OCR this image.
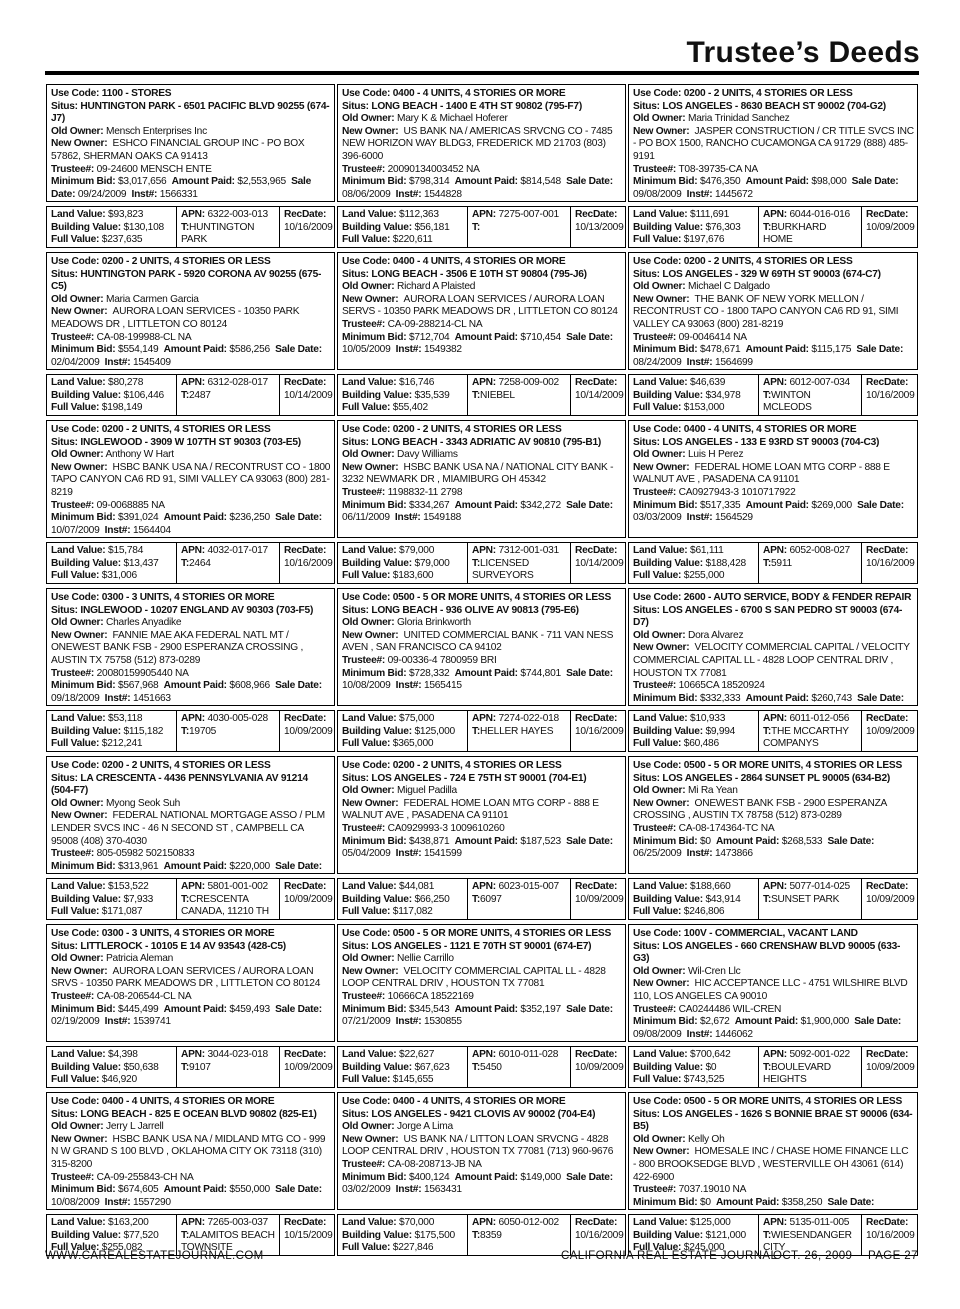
Trustee’s Deeds
Use Code: 1100 - STORES
Situs: HUNTINGTON PARK - 6501 PACIFIC BLVD 90255 (674-J7)
Old Owner: Mensch Enterprises Inc
New Owner: ESHCO FINANCIAL GROUP INC - PO BOX 57862, SHERMAN OAKS CA 91413
Trustee#: 09-24600 MENSCH ENTE
Minimum Bid: $3,017,656 Amount Paid: $2,553,965 Sale Date: 09/24/2009 Inst#: 1566331
Use Code: 0400 - 4 UNITS, 4 STORIES OR MORE
Situs: LONG BEACH - 1400 E 4TH ST 90802 (795-F7)
Old Owner: Mary K & Michael Hoferer
New Owner: US BANK NA / AMERICAS SRVCNG CO - 7485 NEW HORIZON WAY BLDG3, FREDERICK MD 21703 (803) 396-6000
Trustee#: 20090134003452 NA
Minimum Bid: $798,314 Amount Paid: $814,548 Sale Date: 08/06/2009 Inst#: 1544828
Use Code: 0200 - 2 UNITS, 4 STORIES OR LESS
Situs: LOS ANGELES - 8630 BEACH ST 90002 (704-G2)
Old Owner: Maria Trinidad Sanchez
New Owner: JASPER CONSTRUCTION / CR TITLE SVCS INC - PO BOX 1500, RANCHO CUCAMONGA CA 91729 (888) 485-9191
Trustee#: T08-39735-CA NA
Minimum Bid: $476,350 Amount Paid: $98,000 Sale Date: 09/08/2009 Inst#: 1445672
Land Value: $93,823
Building Value: $130,108
Full Value: $237,635
APN: 6322-003-013
T:HUNTINGTON PARK
RecDate:
10/16/2009
Land Value: $112,363
Building Value: $56,181
Full Value: $220,611
APN: 7275-007-001
T:
RecDate:
10/13/2009
Land Value: $111,691
Building Value: $76,303
Full Value: $197,676
APN: 6044-016-016
T:BURKHARD HOME
RecDate:
10/09/2009
Use Code: 0200 - 2 UNITS, 4 STORIES OR LESS
Situs: HUNTINGTON PARK - 5920 CORONA AV 90255 (675-C5)
Old Owner: Maria Carmen Garcia
New Owner: AURORA LOAN SERVICES - 10350 PARK MEADOWS DR , LITTLETON CO 80124
Trustee#: CA-08-199988-CL NA
Minimum Bid: $554,149 Amount Paid: $586,256 Sale Date: 02/04/2009 Inst#: 1545409
Use Code: 0400 - 4 UNITS, 4 STORIES OR MORE
Situs: LONG BEACH - 3506 E 10TH ST 90804 (795-J6)
Old Owner: Richard A Plaisted
New Owner: AURORA LOAN SERVICES / AURORA LOAN SERVS - 10350 PARK MEADOWS DR , LITTLETON CO 80124
Trustee#: CA-09-288214-CL NA
Minimum Bid: $712,704 Amount Paid: $710,454 Sale Date: 10/05/2009 Inst#: 1549382
Use Code: 0200 - 2 UNITS, 4 STORIES OR LESS
Situs: LOS ANGELES - 329 W 69TH ST 90003 (674-C7)
Old Owner: Michael C Dalgado
New Owner: THE BANK OF NEW YORK MELLON / RECONTRUST CO - 1800 TAPO CANYON CA6 RD 91, SIMI VALLEY CA 93063 (800) 281-8219
Trustee#: 09-0046414 NA
Minimum Bid: $478,671 Amount Paid: $115,175 Sale Date: 08/24/2009 Inst#: 1564699
Land Value: $80,278
Building Value: $106,446
Full Value: $198,149
APN: 6312-028-017
T:2487
RecDate:
10/14/2009
Land Value: $16,746
Building Value: $35,539
Full Value: $55,402
APN: 7258-009-002
T:NIEBEL
RecDate:
10/14/2009
Land Value: $46,639
Building Value: $34,978
Full Value: $153,000
APN: 6012-007-034
T:WINTON MCLEODS
RecDate:
10/16/2009
Use Code: 0200 - 2 UNITS, 4 STORIES OR LESS
Situs: INGLEWOOD - 3909 W 107TH ST 90303 (703-E5)
Old Owner: Anthony W Hart
New Owner: HSBC BANK USA NA / RECONTRUST CO - 1800 TAPO CANYON CA6 RD 91, SIMI VALLEY CA 93063 (800) 281-8219
Trustee#: 09-0068885 NA
Minimum Bid: $391,024 Amount Paid: $236,250 Sale Date: 10/07/2009 Inst#: 1564404
Use Code: 0200 - 2 UNITS, 4 STORIES OR LESS
Situs: LONG BEACH - 3343 ADRIATIC AV 90810 (795-B1)
Old Owner: Davy Williams
New Owner: HSBC BANK USA NA / NATIONAL CITY BANK - 3232 NEWMARK DR , MIAMIBURG OH 45342
Trustee#: 1198832-11 2798
Minimum Bid: $334,267 Amount Paid: $342,272 Sale Date: 06/11/2009 Inst#: 1549188
Use Code: 0400 - 4 UNITS, 4 STORIES OR MORE
Situs: LOS ANGELES - 133 E 93RD ST 90003 (704-C3)
Old Owner: Luis H Perez
New Owner: FEDERAL HOME LOAN MTG CORP - 888 E WALNUT AVE , PASADENA CA 91101
Trustee#: CA0927943-3 1010717922
Minimum Bid: $517,335 Amount Paid: $269,000 Sale Date: 03/03/2009 Inst#: 1564529
Land Value: $15,784
Building Value: $13,437
Full Value: $31,006
APN: 4032-017-017
T:2464
RecDate:
10/16/2009
Land Value: $79,000
Building Value: $79,000
Full Value: $183,600
APN: 7312-001-031
T:LICENSED SURVEYORS
RecDate:
10/14/2009
Land Value: $61,111
Building Value: $188,428
Full Value: $255,000
APN: 6052-008-027
T:5911
RecDate:
10/16/2009
Use Code: 0300 - 3 UNITS, 4 STORIES OR MORE
Situs: INGLEWOOD - 10207 ENGLAND AV 90303 (703-F5)
Old Owner: Charles Anyadike
New Owner: FANNIE MAE AKA FEDERAL NATL MT / ONEWEST BANK FSB - 2900 ESPERANZA CROSSING , AUSTIN TX 75758 (512) 873-0289
Trustee#: 20080159905440 NA
Minimum Bid: $567,968 Amount Paid: $608,966 Sale Date: 09/18/2009 Inst#: 1451663
Use Code: 0500 - 5 OR MORE UNITS, 4 STORIES OR LESS
Situs: LONG BEACH - 936 OLIVE AV 90813 (795-E6)
Old Owner: Gloria Brinkworth
New Owner: UNITED COMMERCIAL BANK - 711 VAN NESS AVEN , SAN FRANCISCO CA 94102
Trustee#: 09-00336-4 7800959 BRI
Minimum Bid: $728,332 Amount Paid: $744,801 Sale Date: 10/08/2009 Inst#: 1565415
Use Code: 2600 - AUTO SERVICE, BODY & FENDER REPAIR
Situs: LOS ANGELES - 6700 S SAN PEDRO ST 90003 (674-D7)
Old Owner: Dora Alvarez
New Owner: VELOCITY COMMERCIAL CAPITAL / VELOCITY COMMERCIAL CAPITAL LL - 4828 LOOP CENTRAL DRIV , HOUSTON TX 77081
Trustee#: 10665CA 18520924
Minimum Bid: $332,333 Amount Paid: $260,743 Sale Date:
Land Value: $53,118
Building Value: $115,182
Full Value: $212,241
APN: 4030-005-028
T:19705
RecDate:
10/09/2009
Land Value: $75,000
Building Value: $125,000
Full Value: $365,000
APN: 7274-022-018
T:HELLER HAYES
RecDate:
10/16/2009
Land Value: $10,933
Building Value: $9,994
Full Value: $60,486
APN: 6011-012-056
T:THE MCCARTHY COMPANYS
RecDate:
10/09/2009
Use Code: 0200 - 2 UNITS, 4 STORIES OR LESS
Situs: LA CRESCENTA - 4436 PENNSYLVANIA AV 91214 (504-F7)
Old Owner: Myong Seok Suh
New Owner: FEDERAL NATIONAL MORTGAGE ASSO / PLM LENDER SVCS INC - 46 N SECOND ST , CAMPBELL CA 95008 (408) 370-4030
Trustee#: 805-05982 502150833
Minimum Bid: $313,961 Amount Paid: $220,000 Sale Date:
Use Code: 0200 - 2 UNITS, 4 STORIES OR LESS
Situs: LOS ANGELES - 724 E 75TH ST 90001 (704-E1)
Old Owner: Miguel Padilla
New Owner: FEDERAL HOME LOAN MTG CORP - 888 E WALNUT AVE , PASADENA CA 91101
Trustee#: CA0929993-3 1009610260
Minimum Bid: $438,871 Amount Paid: $187,523 Sale Date: 05/04/2009 Inst#: 1541599
Use Code: 0500 - 5 OR MORE UNITS, 4 STORIES OR LESS
Situs: LOS ANGELES - 2864 SUNSET PL 90005 (634-B2)
Old Owner: Mi Ra Yean
New Owner: ONEWEST BANK FSB - 2900 ESPERANZA CROSSING , AUSTIN TX 78758 (512) 873-0289
Trustee#: CA-08-174364-TC NA
Minimum Bid: $0 Amount Paid: $268,533 Sale Date: 06/25/2009 Inst#: 1473866
Land Value: $153,522
Building Value: $7,933
Full Value: $171,087
APN: 5801-001-002
T:CRESCENTA CANADA, 11210 TH
RecDate:
10/09/2009
Land Value: $44,081
Building Value: $66,250
Full Value: $117,082
APN: 6023-015-007
T:6097
RecDate:
10/09/2009
Land Value: $188,660
Building Value: $43,914
Full Value: $246,806
APN: 5077-014-025
T:SUNSET PARK
RecDate:
10/09/2009
Use Code: 0300 - 3 UNITS, 4 STORIES OR MORE
Situs: LITTLEROCK - 10105 E 14 AV 93543 (428-C5)
Old Owner: Patricia Aleman
New Owner: AURORA LOAN SERVICES / AURORA LOAN SRVS - 10350 PARK MEADOWS DR , LITTLETON CO 80124
Trustee#: CA-08-206544-CL NA
Minimum Bid: $445,499 Amount Paid: $459,493 Sale Date: 02/19/2009 Inst#: 1539741
Use Code: 0500 - 5 OR MORE UNITS, 4 STORIES OR LESS
Situs: LOS ANGELES - 1121 E 70TH ST 90001 (674-E7)
Old Owner: Nellie Carrillo
New Owner: VELOCITY COMMERCIAL CAPITAL LL - 4828 LOOP CENTRAL DRIV , HOUSTON TX 77081
Trustee#: 10666CA 18522169
Minimum Bid: $345,543 Amount Paid: $352,197 Sale Date: 07/21/2009 Inst#: 1530855
Use Code: 100V - COMMERCIAL, VACANT LAND
Situs: LOS ANGELES - 660 CRENSHAW BLVD 90005 (633-G3)
Old Owner: Wil-Cren Llc
New Owner: HIC ACCEPTANCE LLC - 4751 WILSHIRE BLVD 110, LOS ANGELES CA 90010
Trustee#: CA0244486 WIL-CREN
Minimum Bid: $2,672 Amount Paid: $1,900,000 Sale Date: 09/08/2009 Inst#: 1446062
Land Value: $4,398
Building Value: $50,638
Full Value: $46,920
APN: 3044-023-018
T:9107
RecDate:
10/09/2009
Land Value: $22,627
Building Value: $67,623
Full Value: $145,655
APN: 6010-011-028
T:5450
RecDate:
10/09/2009
Land Value: $700,642
Building Value: $0
Full Value: $743,525
APN: 5092-001-022
T:BOULEVARD HEIGHTS
RecDate:
10/09/2009
Use Code: 0400 - 4 UNITS, 4 STORIES OR MORE
Situs: LONG BEACH - 825 E OCEAN BLVD 90802 (825-E1)
Old Owner: Jerry L Jarrell
New Owner: HSBC BANK USA NA / MIDLAND MTG CO - 999 N W GRAND S 100 BLVD , OKLAHOMA CITY OK 73118 (310) 315-8200
Trustee#: CA-09-255843-CH NA
Minimum Bid: $674,605 Amount Paid: $550,000 Sale Date: 10/08/2009 Inst#: 1557290
Use Code: 0400 - 4 UNITS, 4 STORIES OR MORE
Situs: LOS ANGELES - 9421 CLOVIS AV 90002 (704-E4)
Old Owner: Jorge A Lima
New Owner: US BANK NA / LITTON LOAN SRVCNG - 4828 LOOP CENTRAL DRIV , HOUSTON TX 77081 (713) 960-9676
Trustee#: CA-08-208713-JB NA
Minimum Bid: $400,124 Amount Paid: $149,000 Sale Date: 03/02/2009 Inst#: 1563431
Use Code: 0500 - 5 OR MORE UNITS, 4 STORIES OR LESS
Situs: LOS ANGELES - 1626 S BONNIE BRAE ST 90006 (634-B5)
Old Owner: Kelly Oh
New Owner: HOMESALE INC / CHASE HOME FINANCE LLC - 800 BROOKSEDGE BLVD , WESTERVILLE OH 43061 (614) 422-6900
Trustee#: 7037.19010 NA
Minimum Bid: $0 Amount Paid: $358,250 Sale Date:
Land Value: $163,200
Building Value: $77,520
Full Value: $255,082
APN: 7265-003-037
T:ALAMITOS BEACH TOWNSITE
RecDate:
10/15/2009
Land Value: $70,000
Building Value: $175,500
Full Value: $227,846
APN: 6050-012-002
T:8359
RecDate:
10/16/2009
Land Value: $125,000
Building Value: $121,000
Full Value: $245,000
APN: 5135-011-005
T:WIESENDANGER CITY
RecDate:
10/16/2009
WWW.CAREALESTATEJOURNAL.COM	CALIFORNIA REAL ESTATE JOURNAL
OCT. 26, 2009 PAGE 27
